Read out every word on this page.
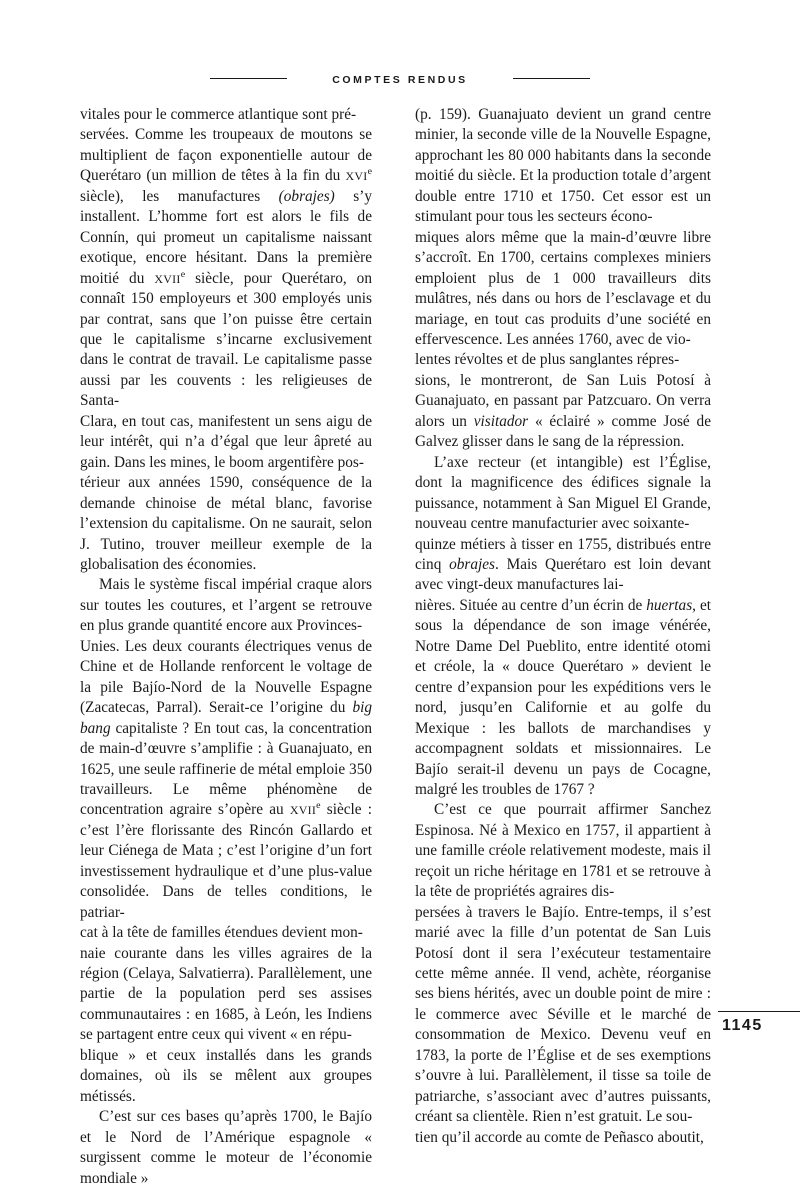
COMPTES RENDUS

vitales pour le commerce atlantique sont pré-
servées. Comme les troupeaux de moutons se multiplient de façon exponentielle autour de Querétaro (un million de têtes à la fin du XVIe siècle), les manufactures (obrajes) s’y installent. L’homme fort est alors le fils de Connín, qui promeut un capitalisme naissant exotique, encore hésitant. Dans la première moitié du XVIIe siècle, pour Querétaro, on connaît 150 employeurs et 300 employés unis par contrat, sans que l’on puisse être certain que le capitalisme s’incarne exclusivement dans le contrat de travail. Le capitalisme passe aussi par les couvents : les religieuses de Santa-
Clara, en tout cas, manifestent un sens aigu de leur intérêt, qui n’a d’égal que leur âpreté au gain. Dans les mines, le boom argentifère pos-
térieur aux années 1590, conséquence de la demande chinoise de métal blanc, favorise l’extension du capitalisme. On ne saurait, selon J. Tutino, trouver meilleur exemple de la globalisation des économies.

Mais le système fiscal impérial craque alors sur toutes les coutures, et l’argent se retrouve en plus grande quantité encore aux Provinces-
Unies. Les deux courants électriques venus de Chine et de Hollande renforcent le voltage de la pile Bajío-Nord de la Nouvelle Espagne (Zacatecas, Parral). Serait-ce l’origine du big bang capitaliste ? En tout cas, la concentration de main-d’œuvre s’amplifie : à Guanajuato, en 1625, une seule raffinerie de métal emploie 350 travailleurs. Le même phénomène de concentration agraire s’opère au XVIIe siècle : c’est l’ère florissante des Rincón Gallardo et leur Ciénega de Mata ; c’est l’origine d’un fort investissement hydraulique et d’une plus-value consolidée. Dans de telles conditions, le patriar-
cat à la tête de familles étendues devient mon-
naie courante dans les villes agraires de la région (Celaya, Salvatierra). Parallèlement, une partie de la population perd ses assises communautaires : en 1685, à León, les Indiens se partagent entre ceux qui vivent « en répu-
blique » et ceux installés dans les grands domaines, où ils se mêlent aux groupes métissés.

C’est sur ces bases qu’après 1700, le Bajío et le Nord de l’Amérique espagnole « surgissent comme le moteur de l’économie mondiale »

(p. 159). Guanajuato devient un grand centre minier, la seconde ville de la Nouvelle Espagne, approchant les 80 000 habitants dans la seconde moitié du siècle. Et la production totale d’argent double entre 1710 et 1750. Cet essor est un stimulant pour tous les secteurs écono-
miques alors même que la main-d’œuvre libre s’accroît. En 1700, certains complexes miniers emploient plus de 1 000 travailleurs dits mulâtres, nés dans ou hors de l’esclavage et du mariage, en tout cas produits d’une société en effervescence. Les années 1760, avec de vio-
lentes révoltes et de plus sanglantes répres-
sions, le montreront, de San Luis Potosí à Guanajuato, en passant par Patzcuaro. On verra alors un visitador « éclairé » comme José de Galvez glisser dans le sang de la répression.

L’axe recteur (et intangible) est l’Église, dont la magnificence des édifices signale la puissance, notamment à San Miguel El Grande, nouveau centre manufacturier avec soixante-
quinze métiers à tisser en 1755, distribués entre cinq obrajes. Mais Querétaro est loin devant avec vingt-deux manufactures lai-
nières. Située au centre d’un écrin de huertas, et sous la dépendance de son image vénérée, Notre Dame Del Pueblito, entre identité otomi et créole, la « douce Querétaro » devient le centre d’expansion pour les expéditions vers le nord, jusqu’en Californie et au golfe du Mexique : les ballots de marchandises y accompagnent soldats et missionnaires. Le Bajío serait-il devenu un pays de Cocagne, malgré les troubles de 1767 ?

C’est ce que pourrait affirmer Sanchez Espinosa. Né à Mexico en 1757, il appartient à une famille créole relativement modeste, mais il reçoit un riche héritage en 1781 et se retrouve à la tête de propriétés agraires dis-
persées à travers le Bajío. Entre-temps, il s’est marié avec la fille d’un potentat de San Luis Potosí dont il sera l’exécuteur testamentaire cette même année. Il vend, achète, réorganise ses biens hérités, avec un double point de mire : le commerce avec Séville et le marché de consommation de Mexico. Devenu veuf en 1783, la porte de l’Église et de ses exemptions s’ouvre à lui. Parallèlement, il tisse sa toile de patriarche, s’associant avec d’autres puissants, créant sa clientèle. Rien n’est gratuit. Le sou-
tien qu’il accorde au comte de Peñasco aboutit,

1145
